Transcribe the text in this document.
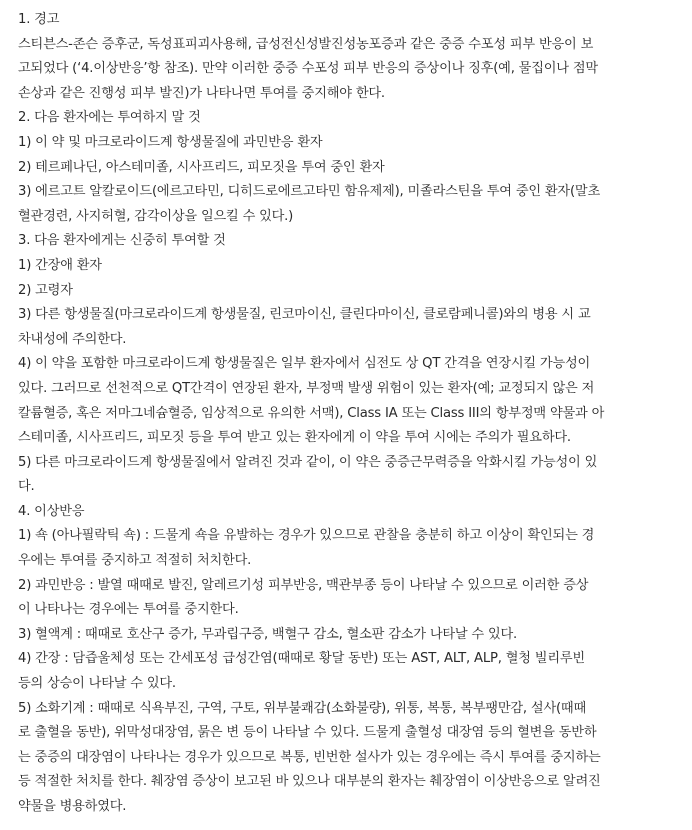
1. 경고
스티븐스-존슨 증후군, 독성표피괴사용해, 급성전신성발진성농포증과 같은 중증 수포성 피부 반응이 보
고되었다 (‘4.이상반응’항 참조). 만약 이러한 중증 수포성 피부 반응의 증상이나 징후(예, 물집이나 점막
손상과 같은 진행성 피부 발진)가 나타나면 투여를 중지해야 한다.
2. 다음 환자에는 투여하지 말 것
1) 이 약 및 마크로라이드계 항생물질에 과민반응 환자
2) 테르페나딘, 아스테미졸, 시사프리드, 피모짓을 투여 중인 환자
3) 에르고트 알칼로이드(에르고타민, 디히드로에르고타민 함유제제), 미졸라스틴을 투여 중인 환자(말초
혈관경련, 사지허혈, 감각이상을 일으킬 수 있다.)
3. 다음 환자에게는 신중히 투여할 것
1) 간장애 환자
2) 고령자
3) 다른 항생물질(마크로라이드계 항생물질, 린코마이신, 클린다마이신, 클로람페니콜)와의 병용 시 교
차내성에 주의한다.
4) 이 약을 포함한 마크로라이드계 항생물질은 일부 환자에서 심전도 상 QT 간격을 연장시킬 가능성이
있다. 그러므로 선천적으로 QT간격이 연장된 환자, 부정맥 발생 위험이 있는 환자(예; 교정되지 않은 저
칼륨혈증, 혹은 저마그네슘혈증, 임상적으로 유의한 서맥), Class IA 또는 Class III의 항부정맥 약물과 아
스테미졸, 시사프리드, 피모짓 등을 투여 받고 있는 환자에게 이 약을 투여 시에는 주의가 필요하다.
5) 다른 마크로라이드계 항생물질에서 알려진 것과 같이, 이 약은 중증근무력증을 악화시킬 가능성이 있
다.
4. 이상반응
1) 쇽 (아나필락틱 쇽) : 드물게 쇽을 유발하는 경우가 있으므로 관찰을 충분히 하고 이상이 확인되는 경
우에는 투여를 중지하고 적절히 처치한다.
2) 과민반응 : 발열 때때로 발진, 알레르기성 피부반응, 맥관부종 등이 나타날 수 있으므로 이러한 증상
이 나타나는 경우에는 투여를 중지한다.
3) 혈액계 : 때때로 호산구 증가, 무과립구증, 백혈구 감소, 혈소판 감소가 나타날 수 있다.
4) 간장 : 담즙울체성 또는 간세포성 급성간염(때때로 황달 동반) 또는 AST, ALT, ALP, 혈청 빌리루빈
등의 상승이 나타날 수 있다.
5) 소화기계 : 때때로 식욕부진, 구역, 구토, 위부불쾌감(소화불량), 위통, 복통, 복부팽만감, 설사(때때
로 출혈을 동반), 위막성대장염, 묽은 변 등이 나타날 수 있다. 드물게 출혈성 대장염 등의 혈변을 동반하
는 중증의 대장염이 나타나는 경우가 있으므로 복통, 빈번한 설사가 있는 경우에는 즉시 투여를 중지하는
등 적절한 처치를 한다. 췌장염 증상이 보고된 바 있으나 대부분의 환자는 췌장염이 이상반응으로 알려진
약물을 병용하였다.
